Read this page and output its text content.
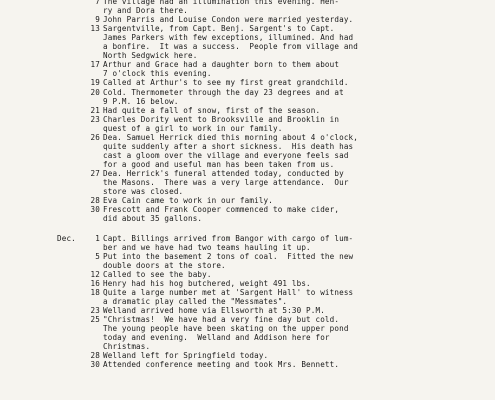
7 The village had an illumination this evening. Hen-
ry and Dora there.
9 John Parris and Louise Condon were married yesterday.
13 Sargentville, from Capt. Benj. Sargent's to Capt.
James Parkers with few exceptions, illumined. And had
a bonfire.  It was a success.  People from village and
North Sedgwick here.
17 Arthur and Grace had a daughter born to them about
7 o'clock this evening.
19 Called at Arthur's to see my first great grandchild.
20 Cold. Thermometer through the day 23 degrees and at
9 P.M. 16 below.
21 Had quite a fall of snow, first of the season.
23 Charles Dority went to Brooksville and Brooklin in
quest of a girl to work in our family.
26 Dea. Samuel Herrick died this morning about 4 o'clock,
quite suddenly after a short sickness.  His death has
cast a gloom over the village and everyone feels sad
for a good and useful man has been taken from us.
27 Dea. Herrick's funeral attended today, conducted by
the Masons.  There was a very large attendance.  Our
store was closed.
28 Eva Cain came to work in our family.
30 Frescott and Frank Cooper commenced to make cider,
did about 35 gallons.
Dec.	1 Capt. Billings arrived from Bangor with cargo of lum-
ber and we have had two teams hauling it up.
5 Put into the basement 2 tons of coal.  Fitted the new
double doors at the store.
12 Called to see the baby.
16 Henry had his hog butchered, weight 491 lbs.
18 Quite a large number met at 'Sargent Hall' to witness
a dramatic play called the "Messmates".
23 Welland arrived home via Ellsworth at 5:30 P.M.
25 "Christmas!  We have had a very fine day but cold.
The young people have been skating on the upper pond
today and evening.  Welland and Addison here for
Christmas.
28 Welland left for Springfield today.
30 Attended conference meeting and took Mrs. Bennett.
